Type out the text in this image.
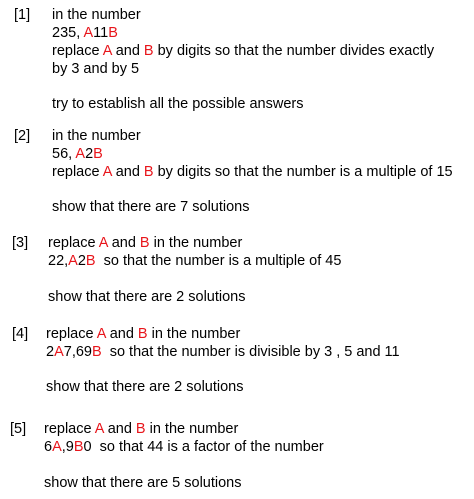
[1] in the number
235, A11B
replace A and B by digits so that the number divides exactly
by 3 and by 5
try to establish all the possible answers
[2] in the number
56, A2B
replace A and B by digits so that the number is a multiple of 15
show that there are 7 solutions
[3] replace A and B in the number
22,A2B  so that the number is a multiple of 45
show that there are 2 solutions
[4] replace A and B in the number
2A7,69B  so that the number is divisible by 3 , 5 and 11
show that there are 2 solutions
[5] replace A and B in the number
6A,9B0  so that 44 is a factor of the number
show that there are 5 solutions
